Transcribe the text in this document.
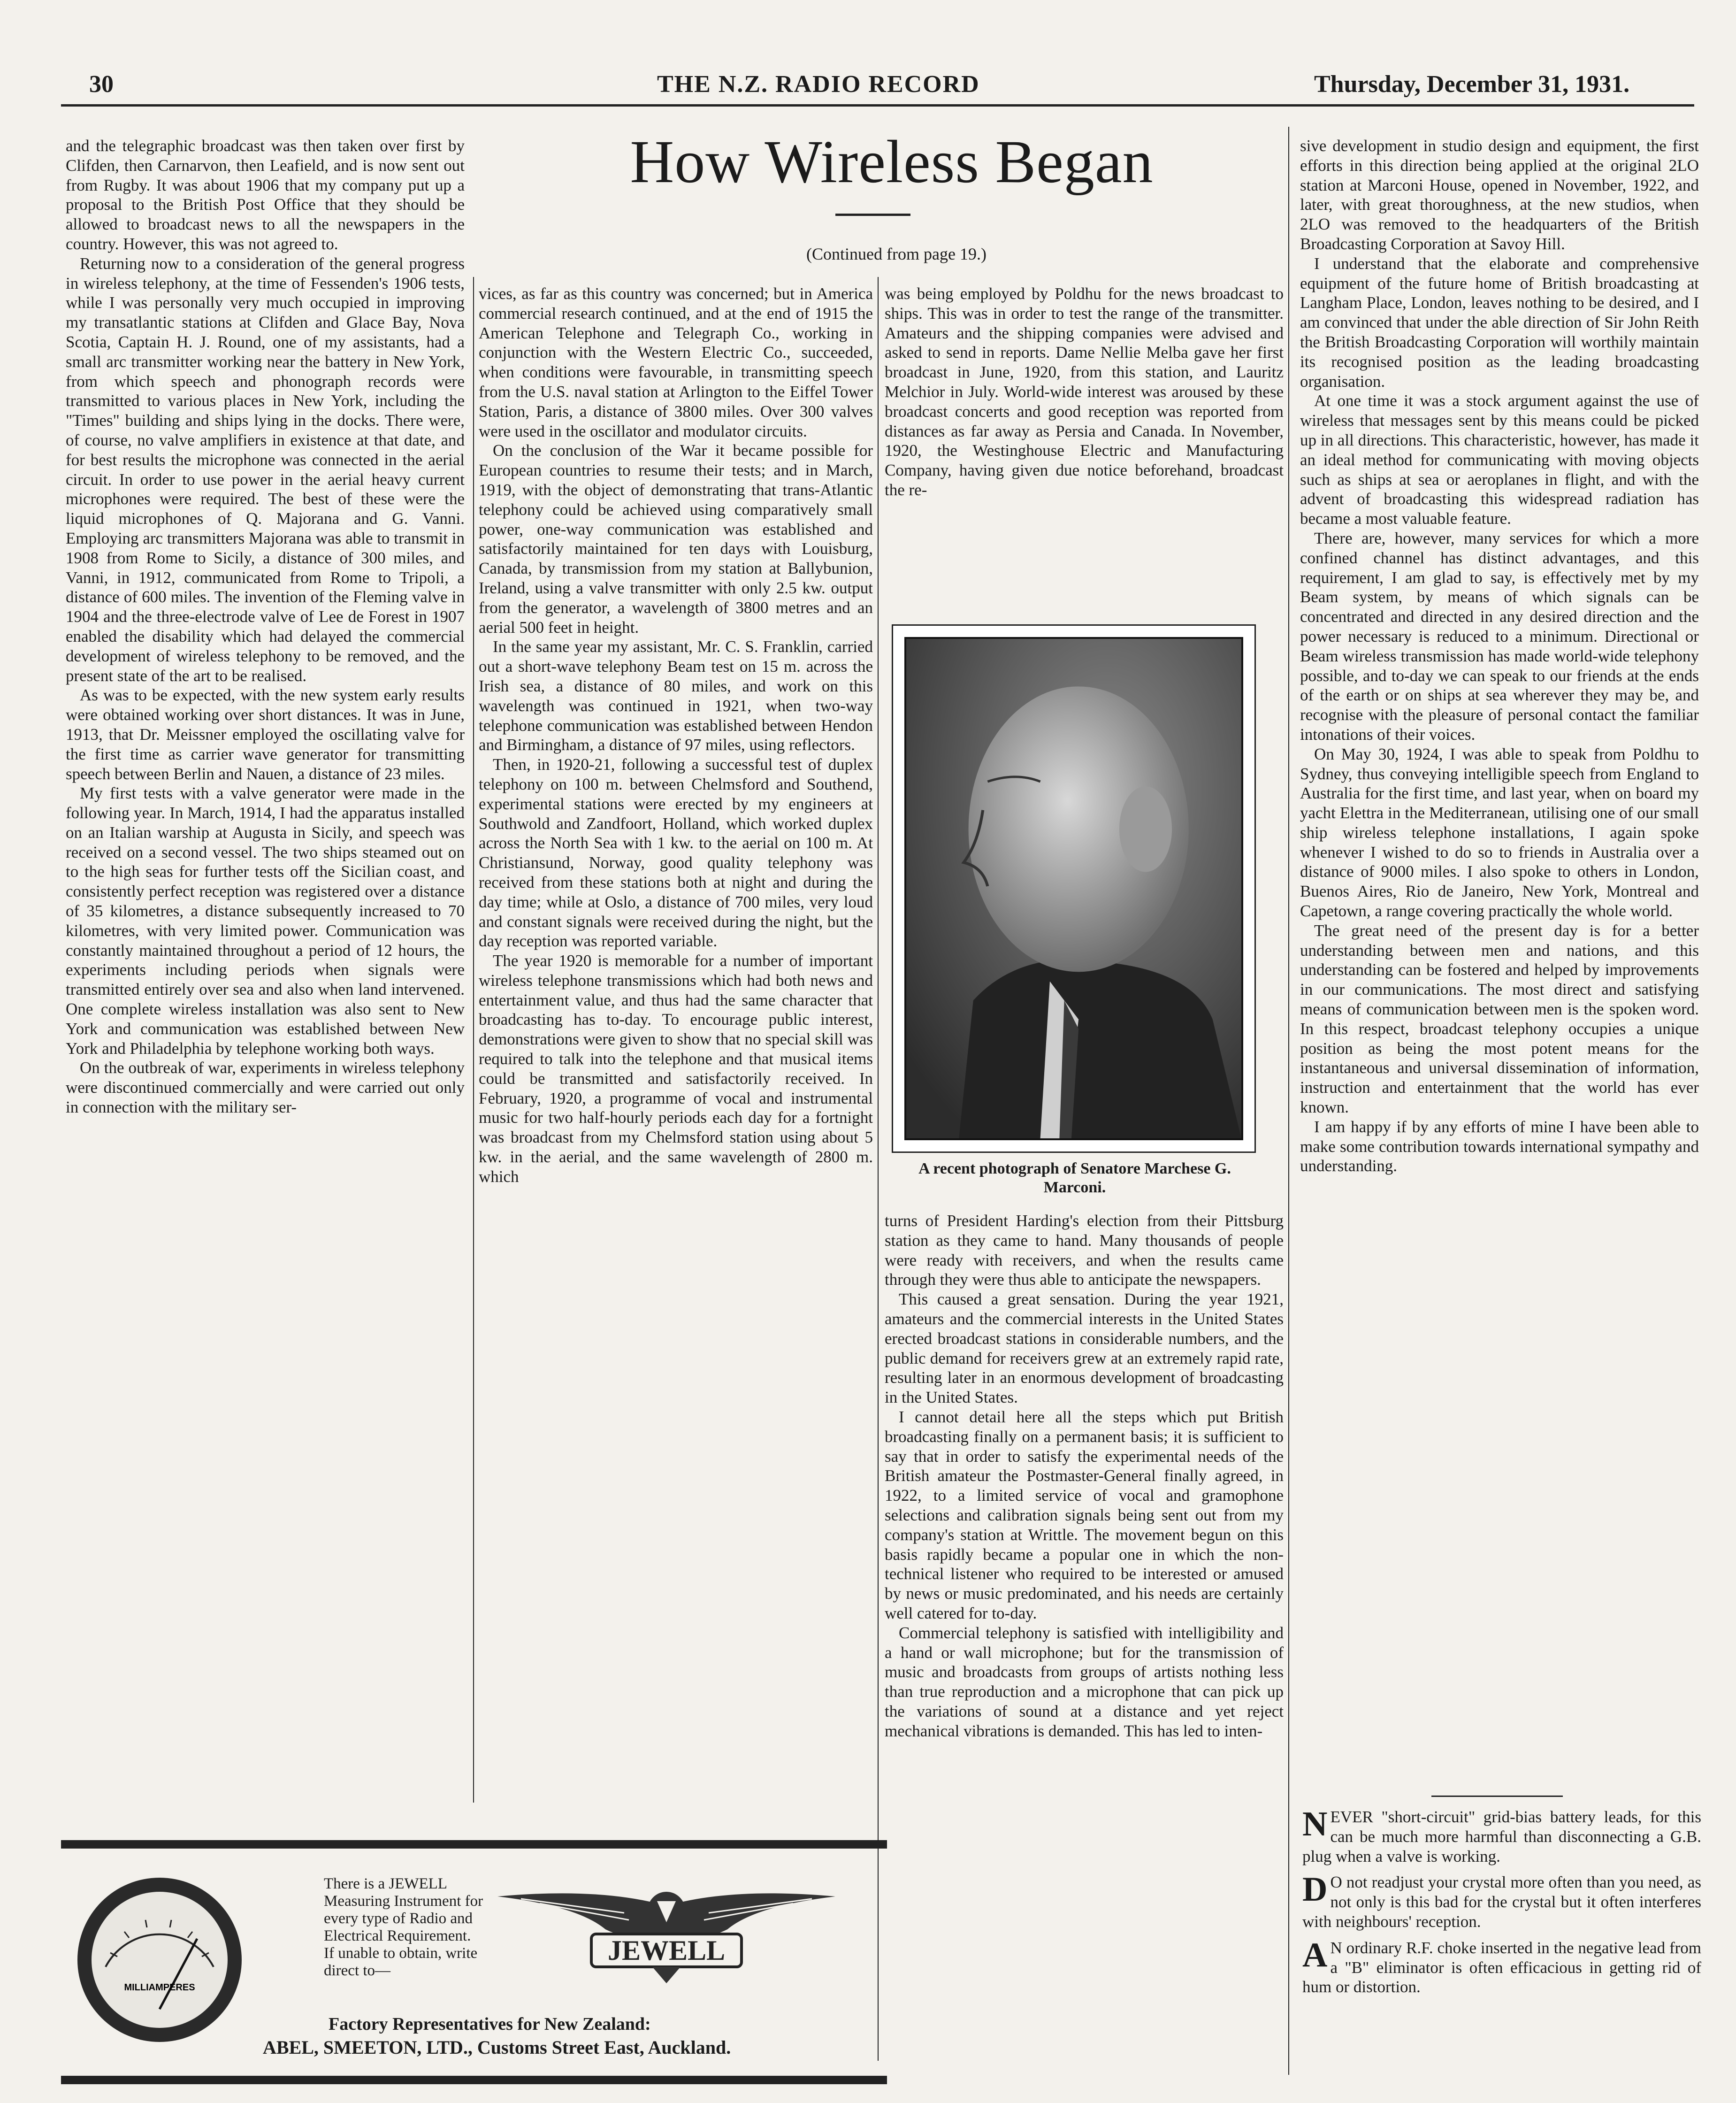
30	THE N.Z. RADIO RECORD	Thursday, December 31, 1931.
How Wireless Began
(Continued from page 19.)

and the telegraphic broadcast was then taken over first by Clifden, then Carnarvon, then Leafield, and is now sent out from Rugby. It was about 1906 that my company put up a proposal to the British Post Office that they should be allowed to broadcast news to all the newspapers in the country. However, this was not agreed to.

Returning now to a consideration of the general progress in wireless telephony, at the time of Fessenden's 1906 tests, while I was personally very much occupied in improving my transatlantic stations at Clifden and Glace Bay, Nova Scotia, Captain H. J. Round, one of my assistants, had a small arc transmitter working near the battery in New York, from which speech and phonograph records were transmitted to various places in New York, including the "Times" building and ships lying in the docks. There were, of course, no valve amplifiers in existence at that date, and for best results the microphone was connected in the aerial circuit. In order to use power in the aerial heavy current microphones were required. The best of these were the liquid microphones of Q. Majorana and G. Vanni. Employing arc transmitters Majorana was able to transmit in 1908 from Rome to Sicily, a distance of 300 miles, and Vanni, in 1912, communicated from Rome to Tripoli, a distance of 600 miles. The invention of the Fleming valve in 1904 and the three-electrode valve of Lee de Forest in 1907 enabled the disability which had delayed the commercial development of wireless telephony to be removed, and the present state of the art to be realised.

As was to be expected, with the new system early results were obtained working over short distances. It was in June, 1913, that Dr. Meissner employed the oscillating valve for the first time as carrier wave generator for transmitting speech between Berlin and Nauen, a distance of 23 miles.

My first tests with a valve generator were made in the following year. In March, 1914, I had the apparatus installed on an Italian warship at Augusta in Sicily, and speech was received on a second vessel. The two ships steamed out on to the high seas for further tests off the Sicilian coast, and consistently perfect reception was registered over a distance of 35 kilometres, a distance subsequently increased to 70 kilometres, with very limited power. Communication was constantly maintained throughout a period of 12 hours, the experiments including periods when signals were transmitted entirely over sea and also when land intervened. One complete wireless installation was also sent to New York and communication was established between New York and Philadelphia by telephone working both ways.

On the outbreak of war, experiments in wireless telephony were discontinued commercially and were carried out only in connection with the military ser-

vices, as far as this country was concerned; but in America commercial research continued, and at the end of 1915 the American Telephone and Telegraph Co., working in conjunction with the Western Electric Co., succeeded, when conditions were favourable, in transmitting speech from the U.S. naval station at Arlington to the Eiffel Tower Station, Paris, a distance of 3800 miles. Over 300 valves were used in the oscillator and modulator circuits.

On the conclusion of the War it became possible for European countries to resume their tests; and in March, 1919, with the object of demonstrating that trans-Atlantic telephony could be achieved using comparatively small power, one-way communication was established and satisfactorily maintained for ten days with Louisburg, Canada, by transmission from my station at Ballybunion, Ireland, using a valve transmitter with only 2.5 kw. output from the generator, a wavelength of 3800 metres and an aerial 500 feet in height.

In the same year my assistant, Mr. C. S. Franklin, carried out a short-wave telephony Beam test on 15 m. across the Irish sea, a distance of 80 miles, and work on this wavelength was continued in 1921, when two-way telephone communication was established between Hendon and Birmingham, a distance of 97 miles, using reflectors.

Then, in 1920-21, following a successful test of duplex telephony on 100 m. between Chelmsford and Southend, experimental stations were erected by my engineers at Southwold and Zandfoort, Holland, which worked duplex across the North Sea with 1 kw. to the aerial on 100 m. At Christiansund, Norway, good quality telephony was received from these stations both at night and during the day time; while at Oslo, a distance of 700 miles, very loud and constant signals were received during the night, but the day reception was reported variable.

The year 1920 is memorable for a number of important wireless telephone transmissions which had both news and entertainment value, and thus had the same character that broadcasting has to-day. To encourage public interest, demonstrations were given to show that no special skill was required to talk into the telephone and that musical items could be transmitted and satisfactorily received. In February, 1920, a programme of vocal and instrumental music for two half-hourly periods each day for a fortnight was broadcast from my Chelmsford station using about 5 kw. in the aerial, and the same wavelength of 2800 m. which

was being employed by Poldhu for the news broadcast to ships. This was in order to test the range of the transmitter. Amateurs and the shipping companies were advised and asked to send in reports. Dame Nellie Melba gave her first broadcast in June, 1920, from this station, and Lauritz Melchior in July. World-wide interest was aroused by these broadcast concerts and good reception was reported from distances as far away as Persia and Canada. In November, 1920, the Westinghouse Electric and Manufacturing Company, having given due notice beforehand, broadcast the re-

A recent photograph of Senatore Marchese G. Marconi.

turns of President Harding's election from their Pittsburg station as they came to hand. Many thousands of people were ready with receivers, and when the results came through they were thus able to anticipate the newspapers.

This caused a great sensation. During the year 1921, amateurs and the commercial interests in the United States erected broadcast stations in considerable numbers, and the public demand for receivers grew at an extremely rapid rate, resulting later in an enormous development of broadcasting in the United States.

I cannot detail here all the steps which put British broadcasting finally on a permanent basis; it is sufficient to say that in order to satisfy the experimental needs of the British amateur the Postmaster-General finally agreed, in 1922, to a limited service of vocal and gramophone selections and calibration signals being sent out from my company's station at Writtle. The movement begun on this basis rapidly became a popular one in which the non-technical listener who required to be interested or amused by news or music predominated, and his needs are certainly well catered for to-day.

Commercial telephony is satisfied with intelligibility and a hand or wall microphone; but for the transmission of music and broadcasts from groups of artists nothing less than true reproduction and a microphone that can pick up the variations of sound at a distance and yet reject mechanical vibrations is demanded. This has led to inten-

sive development in studio design and equipment, the first efforts in this direction being applied at the original 2LO station at Marconi House, opened in November, 1922, and later, with great thoroughness, at the new studios, when 2LO was removed to the headquarters of the British Broadcasting Corporation at Savoy Hill.

I understand that the elaborate and comprehensive equipment of the future home of British broadcasting at Langham Place, London, leaves nothing to be desired, and I am convinced that under the able direction of Sir John Reith the British Broadcasting Corporation will worthily maintain its recognised position as the leading broadcasting organisation.

At one time it was a stock argument against the use of wireless that messages sent by this means could be picked up in all directions. This characteristic, however, has made it an ideal method for communicating with moving objects such as ships at sea or aeroplanes in flight, and with the advent of broadcasting this widespread radiation has became a most valuable feature.

There are, however, many services for which a more confined channel has distinct advantages, and this requirement, I am glad to say, is effectively met by my Beam system, by means of which signals can be concentrated and directed in any desired direction and the power necessary is reduced to a minimum. Directional or Beam wireless transmission has made world-wide telephony possible, and to-day we can speak to our friends at the ends of the earth or on ships at sea wherever they may be, and recognise with the pleasure of personal contact the familiar intonations of their voices.

On May 30, 1924, I was able to speak from Poldhu to Sydney, thus conveying intelligible speech from England to Australia for the first time, and last year, when on board my yacht Elettra in the Mediterranean, utilising one of our small ship wireless telephone installations, I again spoke whenever I wished to do so to friends in Australia over a distance of 9000 miles. I also spoke to others in London, Buenos Aires, Rio de Janeiro, New York, Montreal and Capetown, a range covering practically the whole world.

The great need of the present day is for a better understanding between men and nations, and this understanding can be fostered and helped by improvements in our communications. The most direct and satisfying means of communication between men is the spoken word. In this respect, broadcast telephony occupies a unique position as being the most potent means for the instantaneous and universal dissemination of information, instruction and entertainment that the world has ever known.

I am happy if by any efforts of mine I have been able to make some contribution towards international sympathy and understanding.

NEVER "short-circuit" grid-bias battery leads, for this can be much more harmful than disconnecting a G.B. plug when a valve is working.

D O not readjust your crystal more often than you need, as not only is this bad for the crystal but it often interferes with neighbours' reception.

A N ordinary R.F. choke inserted in the negative lead from a "B" eliminator is often efficacious in getting rid of hum or distortion.

MILLIAMPERES
There is a JEWELL Measuring Instrument for every type of Radio and Electrical Requirement. If unable to obtain, write direct to—
JEWELL
Factory Representatives for New Zealand:
ABEL, SMEETON, LTD., Customs Street East, Auckland.
